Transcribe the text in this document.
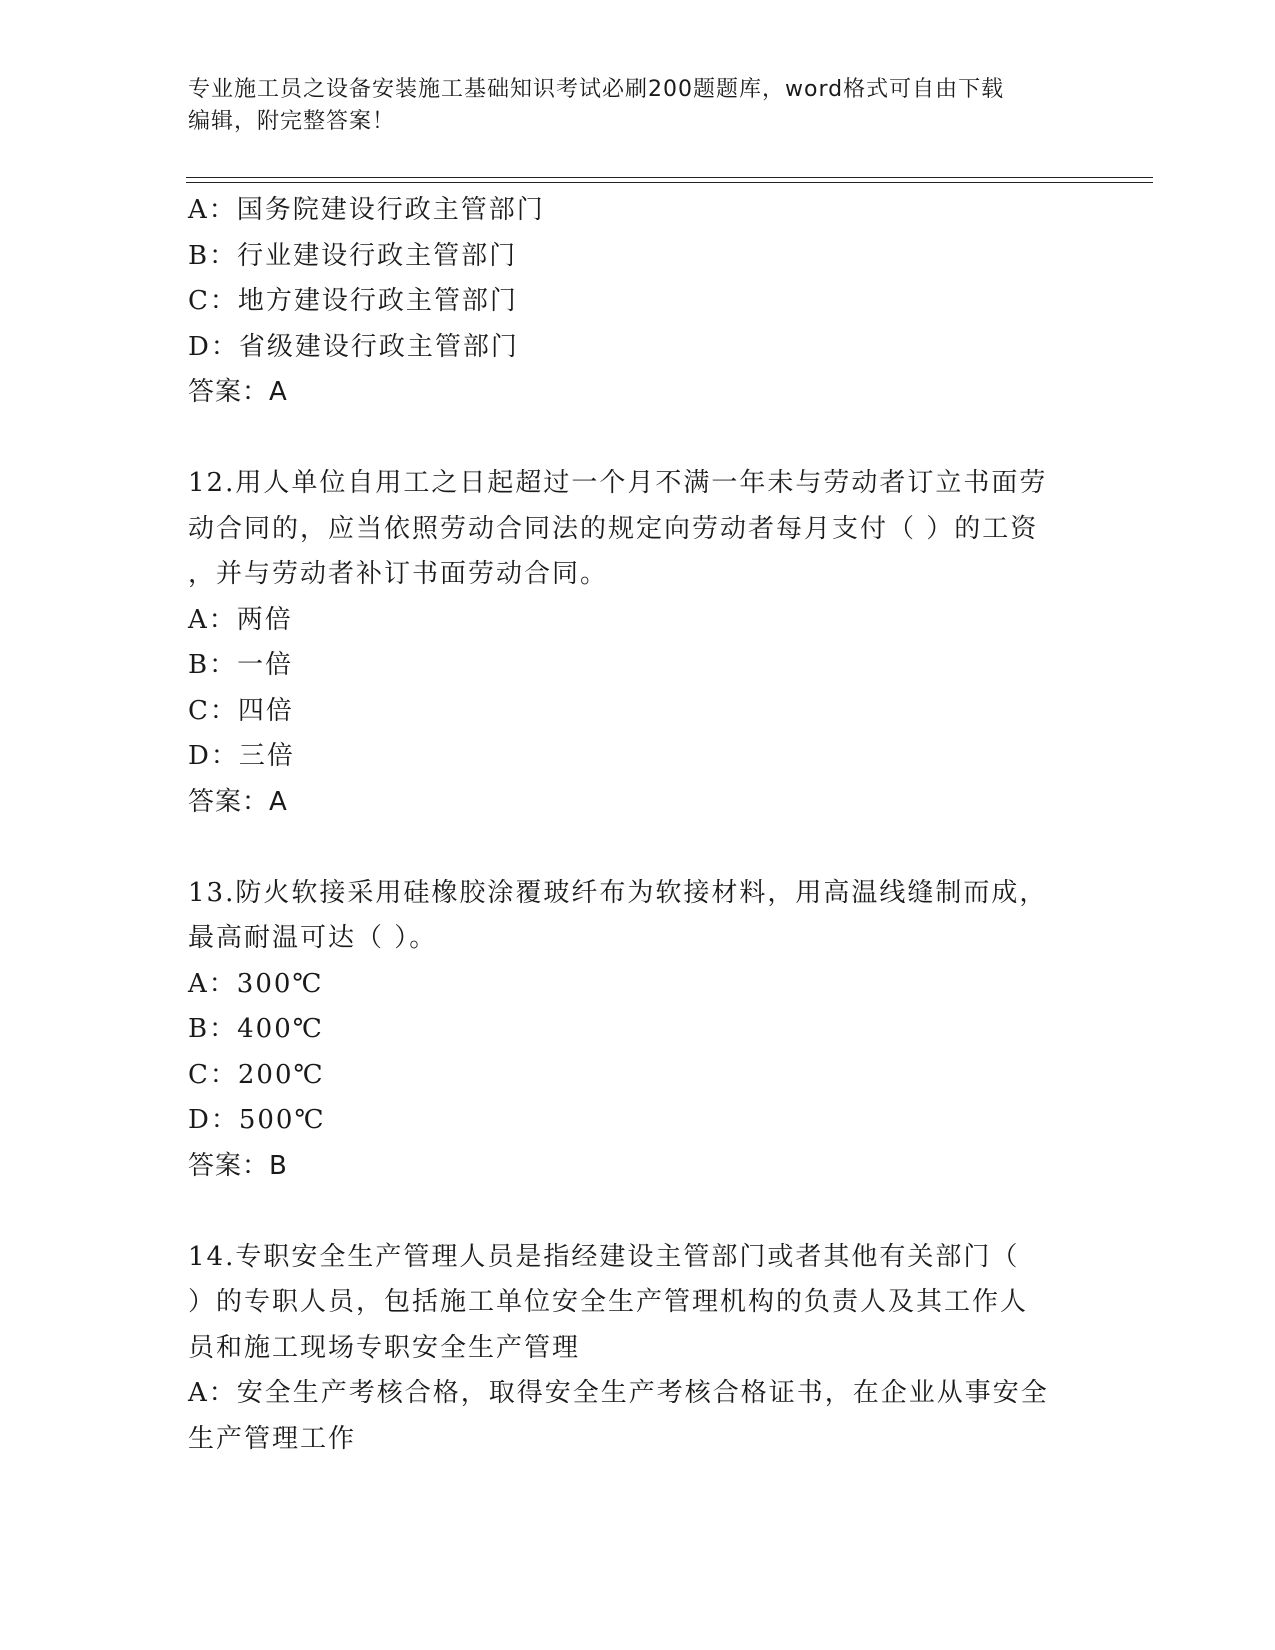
专业施工员之设备安装施工基础知识考试必刷200题题库，word格式可自由下载
编辑，附完整答案！
A：国务院建设行政主管部门
B：行业建设行政主管部门
C：地方建设行政主管部门
D：省级建设行政主管部门
答案：A
12.用人单位自用工之日起超过一个月不满一年未与劳动者订立书面劳
动合同的，应当依照劳动合同法的规定向劳动者每月支付（ ）的工资
，并与劳动者补订书面劳动合同。
A：两倍
B：一倍
C：四倍
D：三倍
答案：A
13.防火软接采用硅橡胶涂覆玻纤布为软接材料，用高温线缝制而成，
最高耐温可达（ ）。
A：300℃
B：400℃
C：200℃
D：500℃
答案：B
14.专职安全生产管理人员是指经建设主管部门或者其他有关部门（
）的专职人员，包括施工单位安全生产管理机构的负责人及其工作人
员和施工现场专职安全生产管理
A：安全生产考核合格，取得安全生产考核合格证书，在企业从事安全
生产管理工作
